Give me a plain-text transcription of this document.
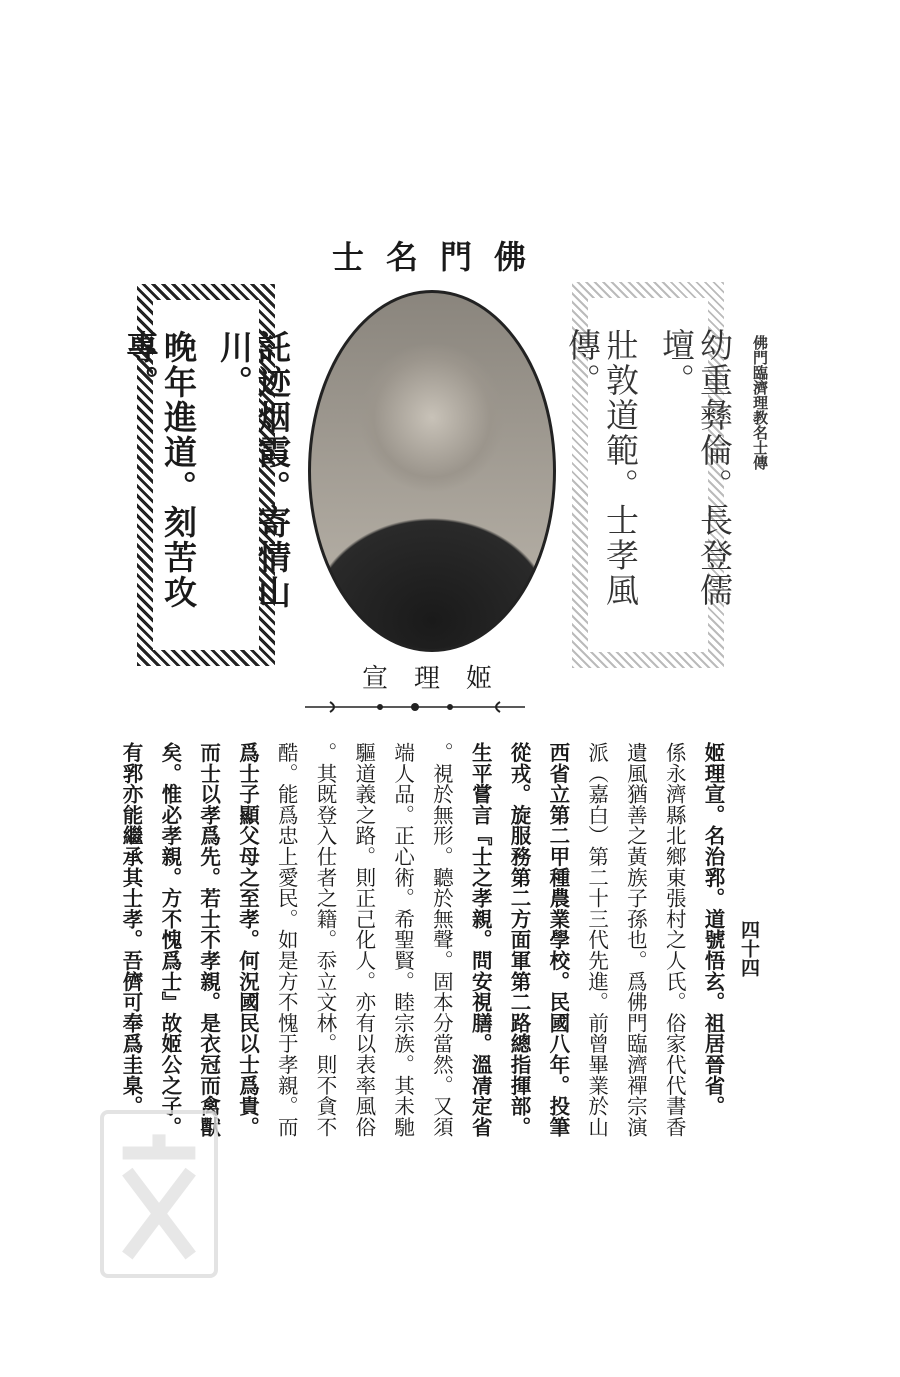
佛門名士
佛門臨濟理教名士傳
幼重彝倫。長登儒壇。
壯敦道範。士孝風傳。
託迹烟霞。寄情山川。
晚年進道。刻苦攻專。
姬理宣
四十四
姬理宣。名治郛。道號悟玄。祖居晉省。
係永濟縣北鄉東張村之人氏。俗家代代書香
遺風猶善之黃族子孫也。爲佛門臨濟禪宗演
派（嘉白）第二十三代先進。前曾畢業於山
西省立第二甲種農業學校。民國八年。投筆
從戎。旋服務第二方面軍第二路總指揮部。
生平嘗言『士之孝親。問安視膳。溫凊定省
。視於無形。聽於無聲。固本分當然。又須
端人品。正心術。希聖賢。睦宗族。其未馳
驅道義之路。則正己化人。亦有以表率風俗
。其既登入仕者之籍。忝立文林。則不貪不
酷。能爲忠上愛民。如是方不愧于孝親。而
爲士子顯父母之至孝。何況國民以士爲貴。
而士以孝爲先。若士不孝親。是衣冠而禽獸
矣。惟必孝親。方不愧爲士』故姬公之子。
有郛亦能繼承其士孝。吾儕可奉爲圭臬。
